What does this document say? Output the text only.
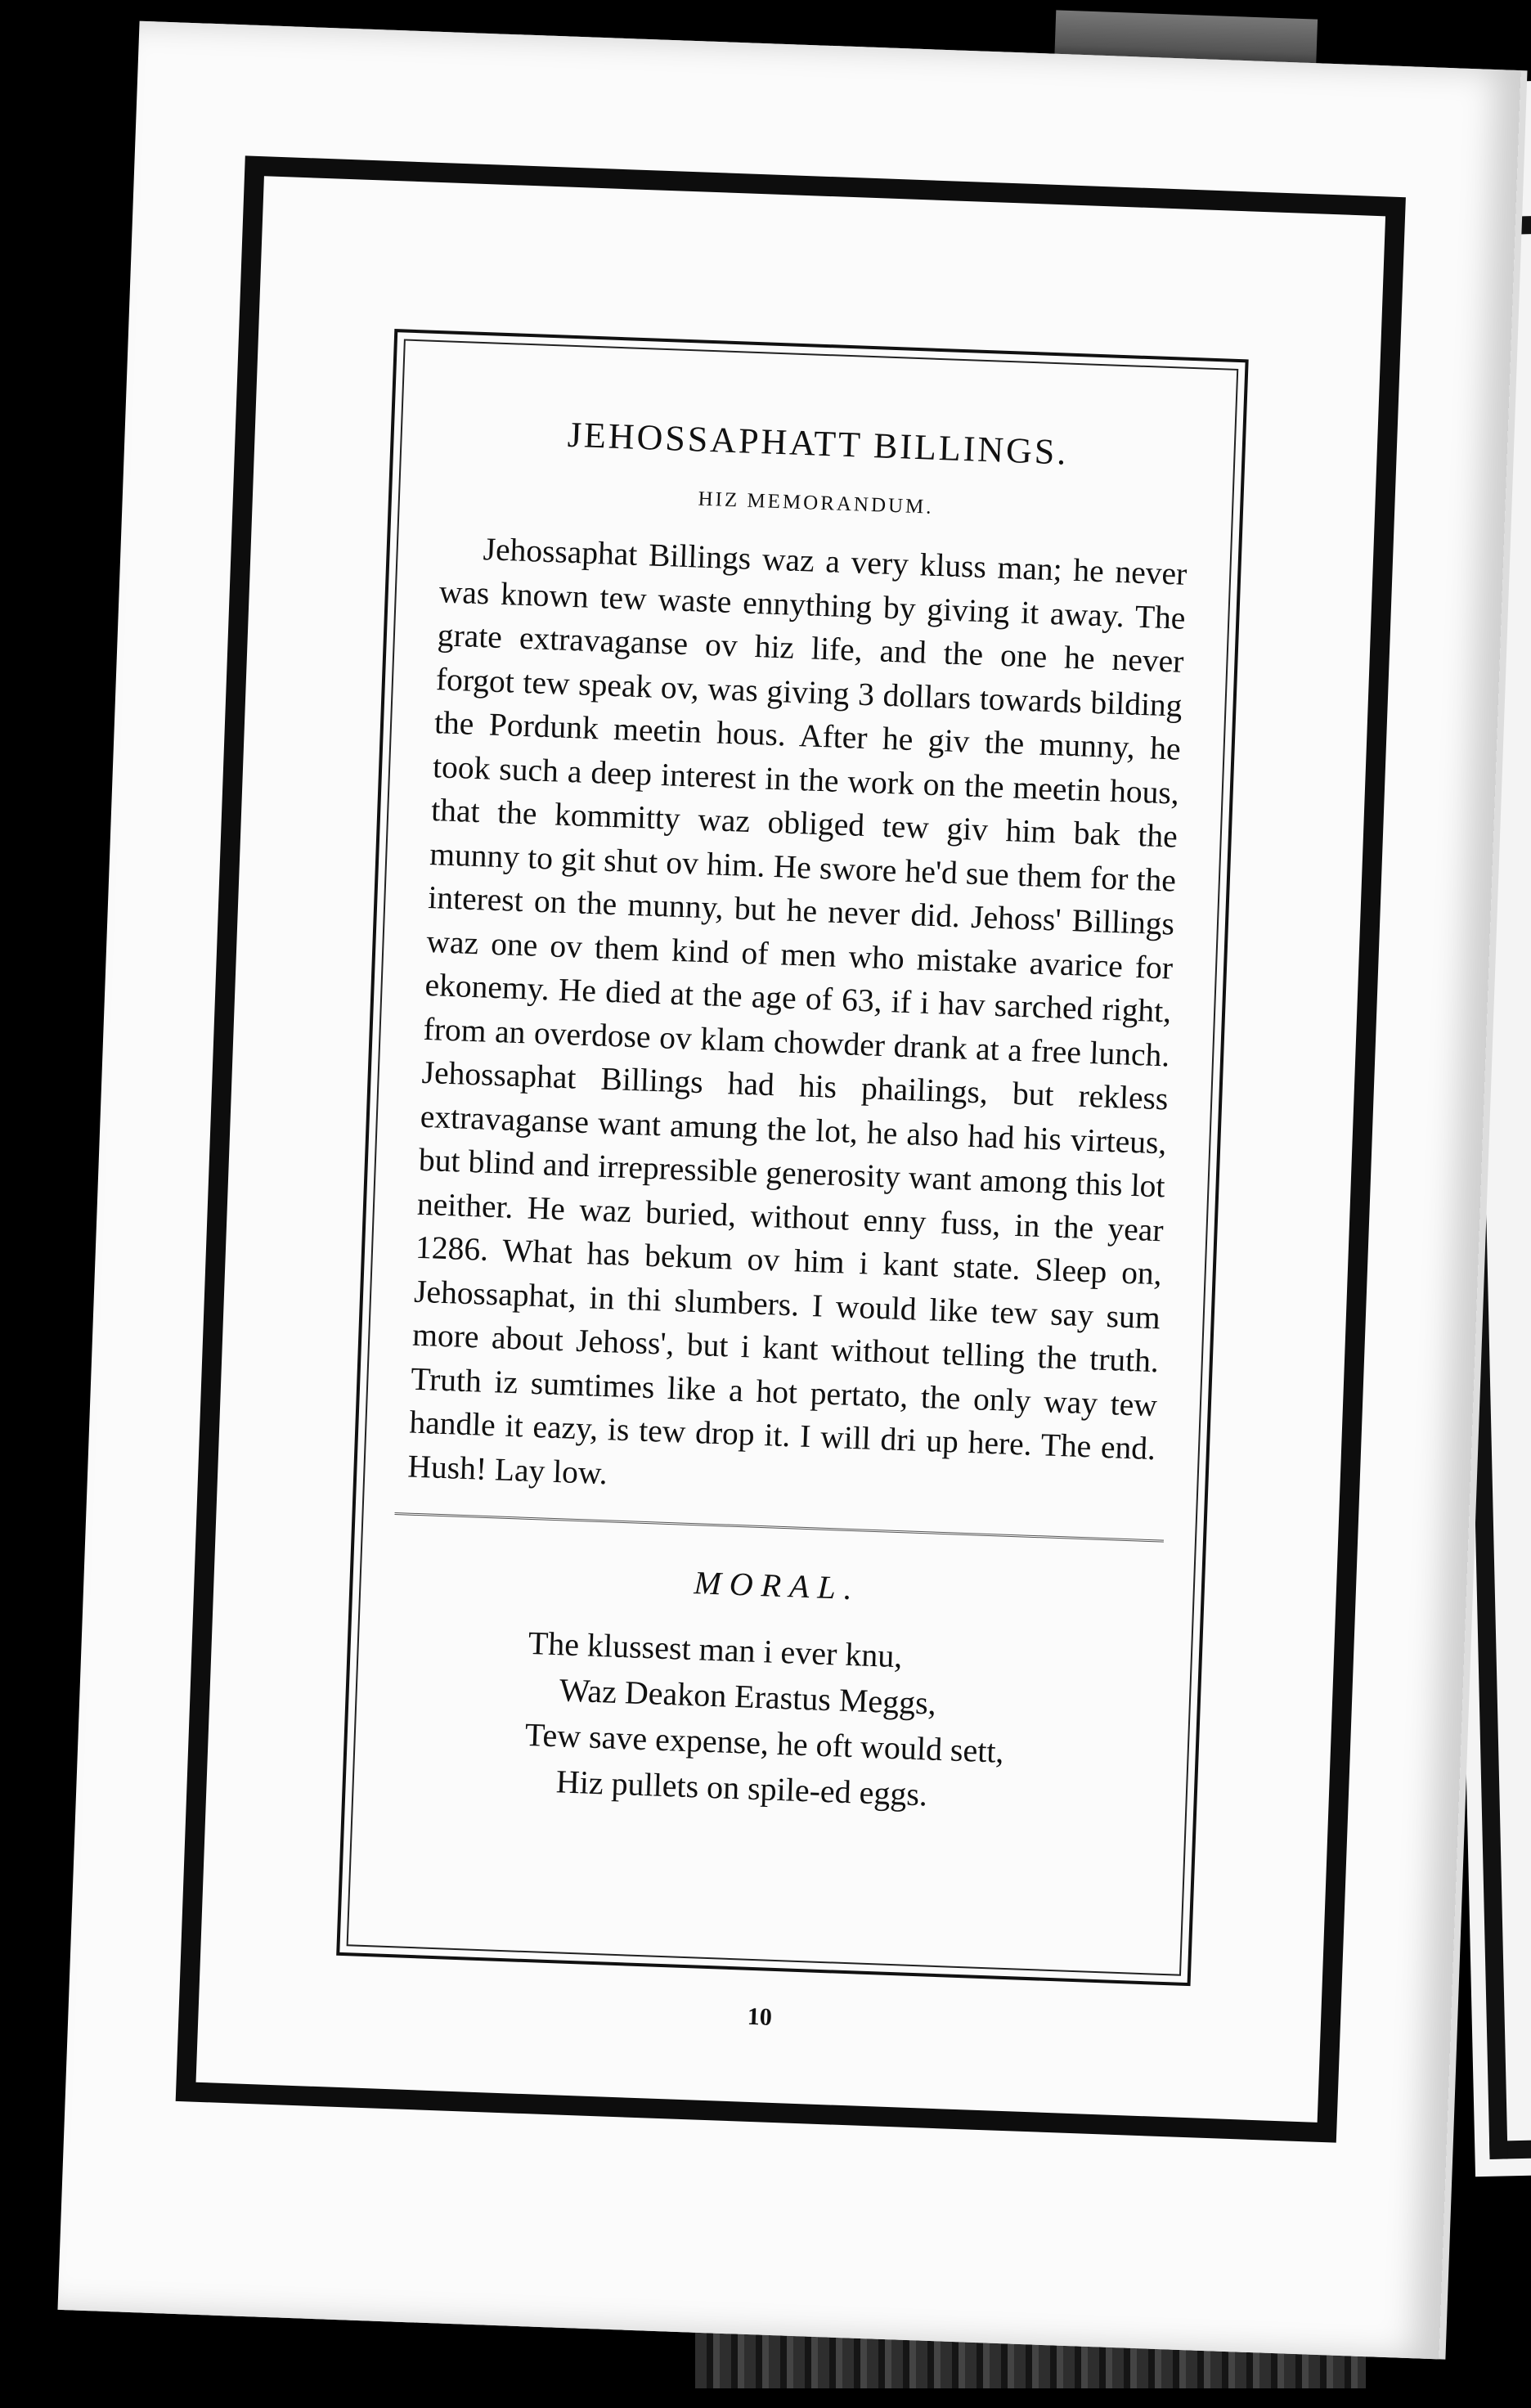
JEHOSSAPHATT BILLINGS.
HIZ MEMORANDUM.

Jehossaphat Billings waz a very kluss man; he never was known tew waste ennything by giving it away. The grate extravaganse ov hiz life, and the one he never forgot tew speak ov, was giving 3 dollars towards bilding the Pordunk meetin hous. After he giv the munny, he took such a deep interest in the work on the meetin hous, that the kommitty waz obliged tew giv him bak the munny to git shut ov him. He swore he'd sue them for the interest on the munny, but he never did. Jehoss' Billings waz one ov them kind of men who mistake avarice for ekonemy. He died at the age of 63, if i hav sarched right, from an overdose ov klam chowder drank at a free lunch. Jehossaphat Billings had his phailings, but rekless extravaganse want amung the lot, he also had his virteus, but blind and irrepressible generosity want among this lot neither. He waz buried, without enny fuss, in the year 1286. What has bekum ov him i kant state. Sleep on, Jehossaphat, in thi slumbers. I would like tew say sum more about Jehoss', but i kant without telling the truth. Truth iz sumtimes like a hot pertato, the only way tew handle it eazy, is tew drop it. I will dri up here. The end. Hush! Lay low.

MORAL.
The klussest man i ever knu,
Waz Deakon Erastus Meggs,
Tew save expense, he oft would sett,
Hiz pullets on spile-ed eggs.
10
